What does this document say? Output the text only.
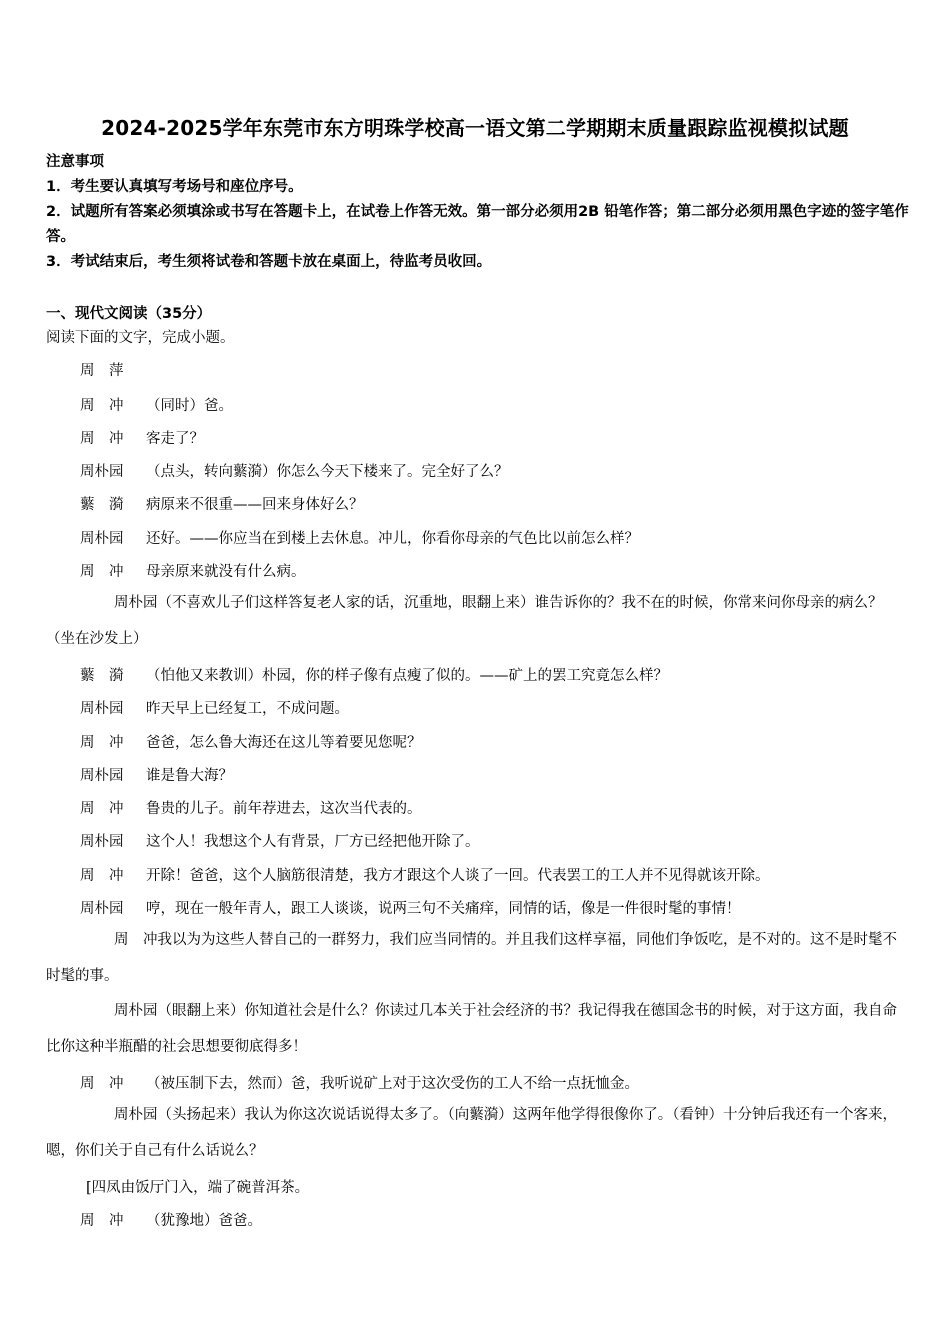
2024-2025学年东莞市东方明珠学校高一语文第二学期期末质量跟踪监视模拟试题
注意事项
1．考生要认真填写考场号和座位序号。
2．试题所有答案必须填涂或书写在答题卡上，在试卷上作答无效。第一部分必须用2B 铅笔作答；第二部分必须用黑色字迹的签字笔作答。
3．考试结束后，考生须将试卷和答题卡放在桌面上，待监考员收回。
一、现代文阅读（35分）
阅读下面的文字，完成小题。
周　萍
周　冲 （同时）爸。
周　冲 客走了？
周朴园 （点头，转向蘩漪）你怎么今天下楼来了。完全好了么？
蘩　漪 病原来不很重——回来身体好么？
周朴园 还好。——你应当在到楼上去休息。冲儿，你看你母亲的气色比以前怎么样？
周　冲 母亲原来就没有什么病。
周朴园（不喜欢儿子们这样答复老人家的话，沉重地，眼翻上来）谁告诉你的？我不在的时候，你常来问你母亲的病么？（坐在沙发上）
蘩　漪 （怕他又来教训）朴园，你的样子像有点瘦了似的。——矿上的罢工究竟怎么样？
周朴园 昨天早上已经复工，不成问题。
周　冲 爸爸，怎么鲁大海还在这儿等着要见您呢？
周朴园 谁是鲁大海？
周　冲 鲁贵的儿子。前年荐进去，这次当代表的。
周朴园 这个人！我想这个人有背景，厂方已经把他开除了。
周　冲 开除！爸爸，这个人脑筋很清楚，我方才跟这个人谈了一回。代表罢工的工人并不见得就该开除。
周朴园 哼，现在一般年青人，跟工人谈谈，说两三句不关痛痒，同情的话，像是一件很时髦的事情！
周　冲我以为为这些人替自己的一群努力，我们应当同情的。并且我们这样享福，同他们争饭吃，是不对的。这不是时髦不时髦的事。
周朴园（眼翻上来）你知道社会是什么？你读过几本关于社会经济的书？我记得我在德国念书的时候，对于这方面，我自命比你这种半瓶醋的社会思想要彻底得多！
周　冲 （被压制下去，然而）爸，我听说矿上对于这次受伤的工人不给一点抚恤金。
周朴园（头扬起来）我认为你这次说话说得太多了。（向蘩漪）这两年他学得很像你了。（看钟）十分钟后我还有一个客来，嗯，你们关于自己有什么话说么？
[四凤由饭厅门入，端了碗普洱茶。
周　冲 （犹豫地）爸爸。
